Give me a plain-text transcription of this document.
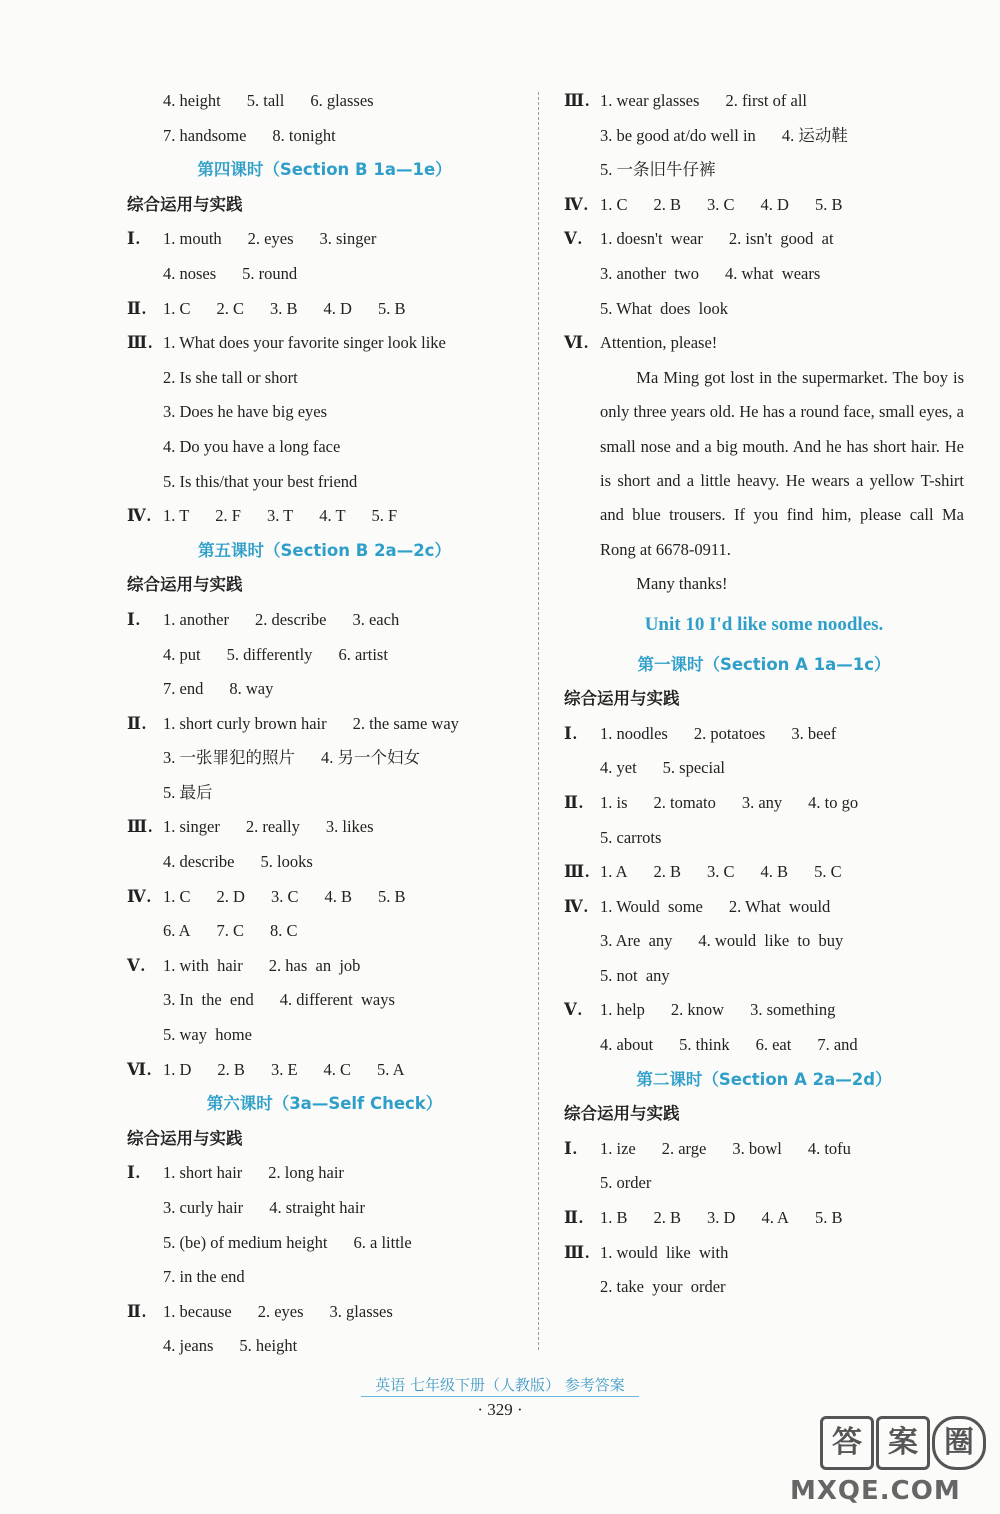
4. height 5. tall 6. glasses
7. handsome 8. tonight
第四课时（Section B 1a—1e）
综合运用与实践
Ⅰ. 1. mouth 2. eyes 3. singer
4. noses 5. round
Ⅱ. 1. C 2. C 3. B 4. D 5. B
Ⅲ. 1. What does your favorite singer look like
2. Is she tall or short
3. Does he have big eyes
4. Do you have a long face
5. Is this/that your best friend
Ⅳ. 1. T 2. F 3. T 4. T 5. F
第五课时（Section B 2a—2c）
综合运用与实践
Ⅰ. 1. another 2. describe 3. each
4. put 5. differently 6. artist
7. end 8. way
Ⅱ. 1. short curly brown hair 2. the same way
3. 一张罪犯的照片 4. 另一个妇女
5. 最后
Ⅲ. 1. singer 2. really 3. likes
4. describe 5. looks
Ⅳ. 1. C 2. D 3. C 4. B 5. B
6. A 7. C 8. C
Ⅴ. 1. with  hair 2. has  an  job
3. In  the  end 4. different  ways
5. way  home
Ⅵ. 1. D 2. B 3. E 4. C 5. A
第六课时（3a—Self Check）
综合运用与实践
Ⅰ. 1. short hair 2. long hair
3. curly hair 4. straight hair
5. (be) of medium height 6. a little
7. in the end
Ⅱ. 1. because 2. eyes 3. glasses
4. jeans 5. height
Ⅲ. 1. wear glasses 2. first of all
3. be good at/do well in 4. 运动鞋
5. 一条旧牛仔裤
Ⅳ. 1. C 2. B 3. C 4. D 5. B
Ⅴ. 1. doesn't  wear 2. isn't  good  at
3. another  two 4. what  wears
5. What  does  look
Ⅵ. Attention, please!
Ma Ming got lost in the supermarket. The boy is only three years old. He has a round face, small eyes, a small nose and a big mouth. And he has short hair. He is short and a little heavy. He wears a yellow T-shirt and blue trousers. If you find him, please call Ma Rong at 6678-0911.
Many thanks!
Unit 10 I'd like some noodles.
第一课时（Section A 1a—1c）
综合运用与实践
Ⅰ. 1. noodles 2. potatoes 3. beef
4. yet 5. special
Ⅱ. 1. is 2. tomato 3. any 4. to go
5. carrots
Ⅲ. 1. A 2. B 3. C 4. B 5. C
Ⅳ. 1. Would  some 2. What  would
3. Are  any 4. would  like  to  buy
5. not  any
Ⅴ. 1. help 2. know 3. something
4. about 5. think 6. eat 7. and
第二课时（Section A 2a—2d）
综合运用与实践
Ⅰ. 1. ize 2. arge 3. bowl 4. tofu
5. order
Ⅱ. 1. B 2. B 3. D 4. A 5. B
Ⅲ. 1. would  like  with
2. take  your  order
英语 七年级下册（人教版） 参考答案
· 329 ·
答 案 圈
MXQE.COM
